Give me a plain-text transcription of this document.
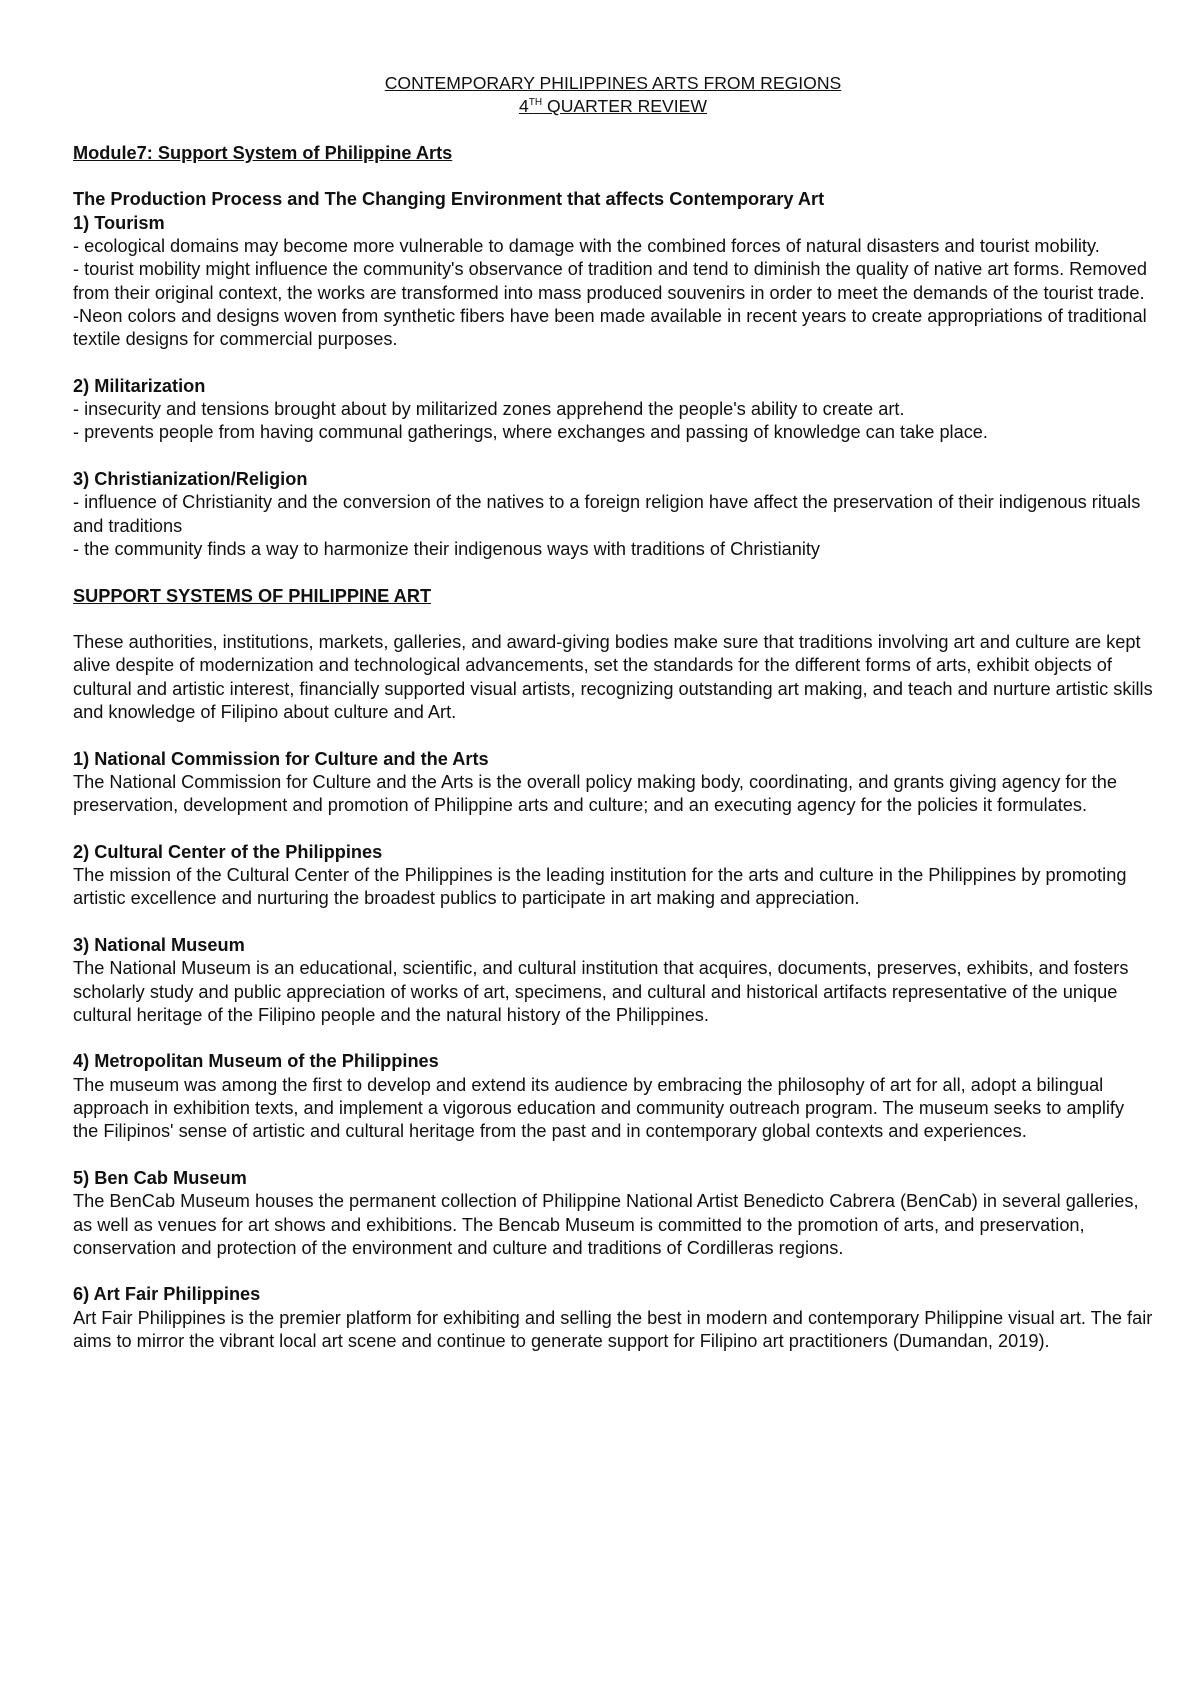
CONTEMPORARY PHILIPPINES ARTS FROM REGIONS

4TH QUARTER REVIEW

Module7: Support System of Philippine Arts

The Production Process and The Changing Environment that affects Contemporary Art

1) Tourism

- ecological domains may become more vulnerable to damage with the combined forces of natural disasters and tourist mobility.

- tourist mobility might influence the community's observance of tradition and tend to diminish the quality of native art forms. Removed from their original context, the works are transformed into mass produced souvenirs in order to meet the demands of the tourist trade.

-Neon colors and designs woven from synthetic fibers have been made available in recent years to create appropriations of traditional textile designs for commercial purposes.

2) Militarization

- insecurity and tensions brought about by militarized zones apprehend the people's ability to create art.

- prevents people from having communal gatherings, where exchanges and passing of knowledge can take place.

3) Christianization/Religion

- influence of Christianity and the conversion of the natives to a foreign religion have affect the preservation of their indigenous rituals and traditions

- the community finds a way to harmonize their indigenous ways with traditions of Christianity

SUPPORT SYSTEMS OF PHILIPPINE ART

These authorities, institutions, markets, galleries, and award-giving bodies make sure that traditions involving art and culture are kept alive despite of modernization and technological advancements, set the standards for the different forms of arts, exhibit objects of cultural and artistic interest, financially supported visual artists, recognizing outstanding art making, and teach and nurture artistic skills and knowledge of Filipino about culture and Art.

1) National Commission for Culture and the Arts

The National Commission for Culture and the Arts is the overall policy making body, coordinating, and grants giving agency for the preservation, development and promotion of Philippine arts and culture; and an executing agency for the policies it formulates.

2) Cultural Center of the Philippines

The mission of the Cultural Center of the Philippines is the leading institution for the arts and culture in the Philippines by promoting artistic excellence and nurturing the broadest publics to participate in art making and appreciation.

3) National Museum

The National Museum is an educational, scientific, and cultural institution that acquires, documents, preserves, exhibits, and fosters scholarly study and public appreciation of works of art, specimens, and cultural and historical artifacts representative of the unique cultural heritage of the Filipino people and the natural history of the Philippines.

4) Metropolitan Museum of the Philippines

The museum was among the first to develop and extend its audience by embracing the philosophy of art for all, adopt a bilingual approach in exhibition texts, and implement a vigorous education and community outreach program. The museum seeks to amplify the Filipinos' sense of artistic and cultural heritage from the past and in contemporary global contexts and experiences.

5) Ben Cab Museum

The BenCab Museum houses the permanent collection of Philippine National Artist Benedicto Cabrera (BenCab) in several galleries, as well as venues for art shows and exhibitions. The Bencab Museum is committed to the promotion of arts, and preservation, conservation and protection of the environment and culture and traditions of Cordilleras regions.

6) Art Fair Philippines

Art Fair Philippines is the premier platform for exhibiting and selling the best in modern and contemporary Philippine visual art. The fair aims to mirror the vibrant local art scene and continue to generate support for Filipino art practitioners (Dumandan, 2019).
